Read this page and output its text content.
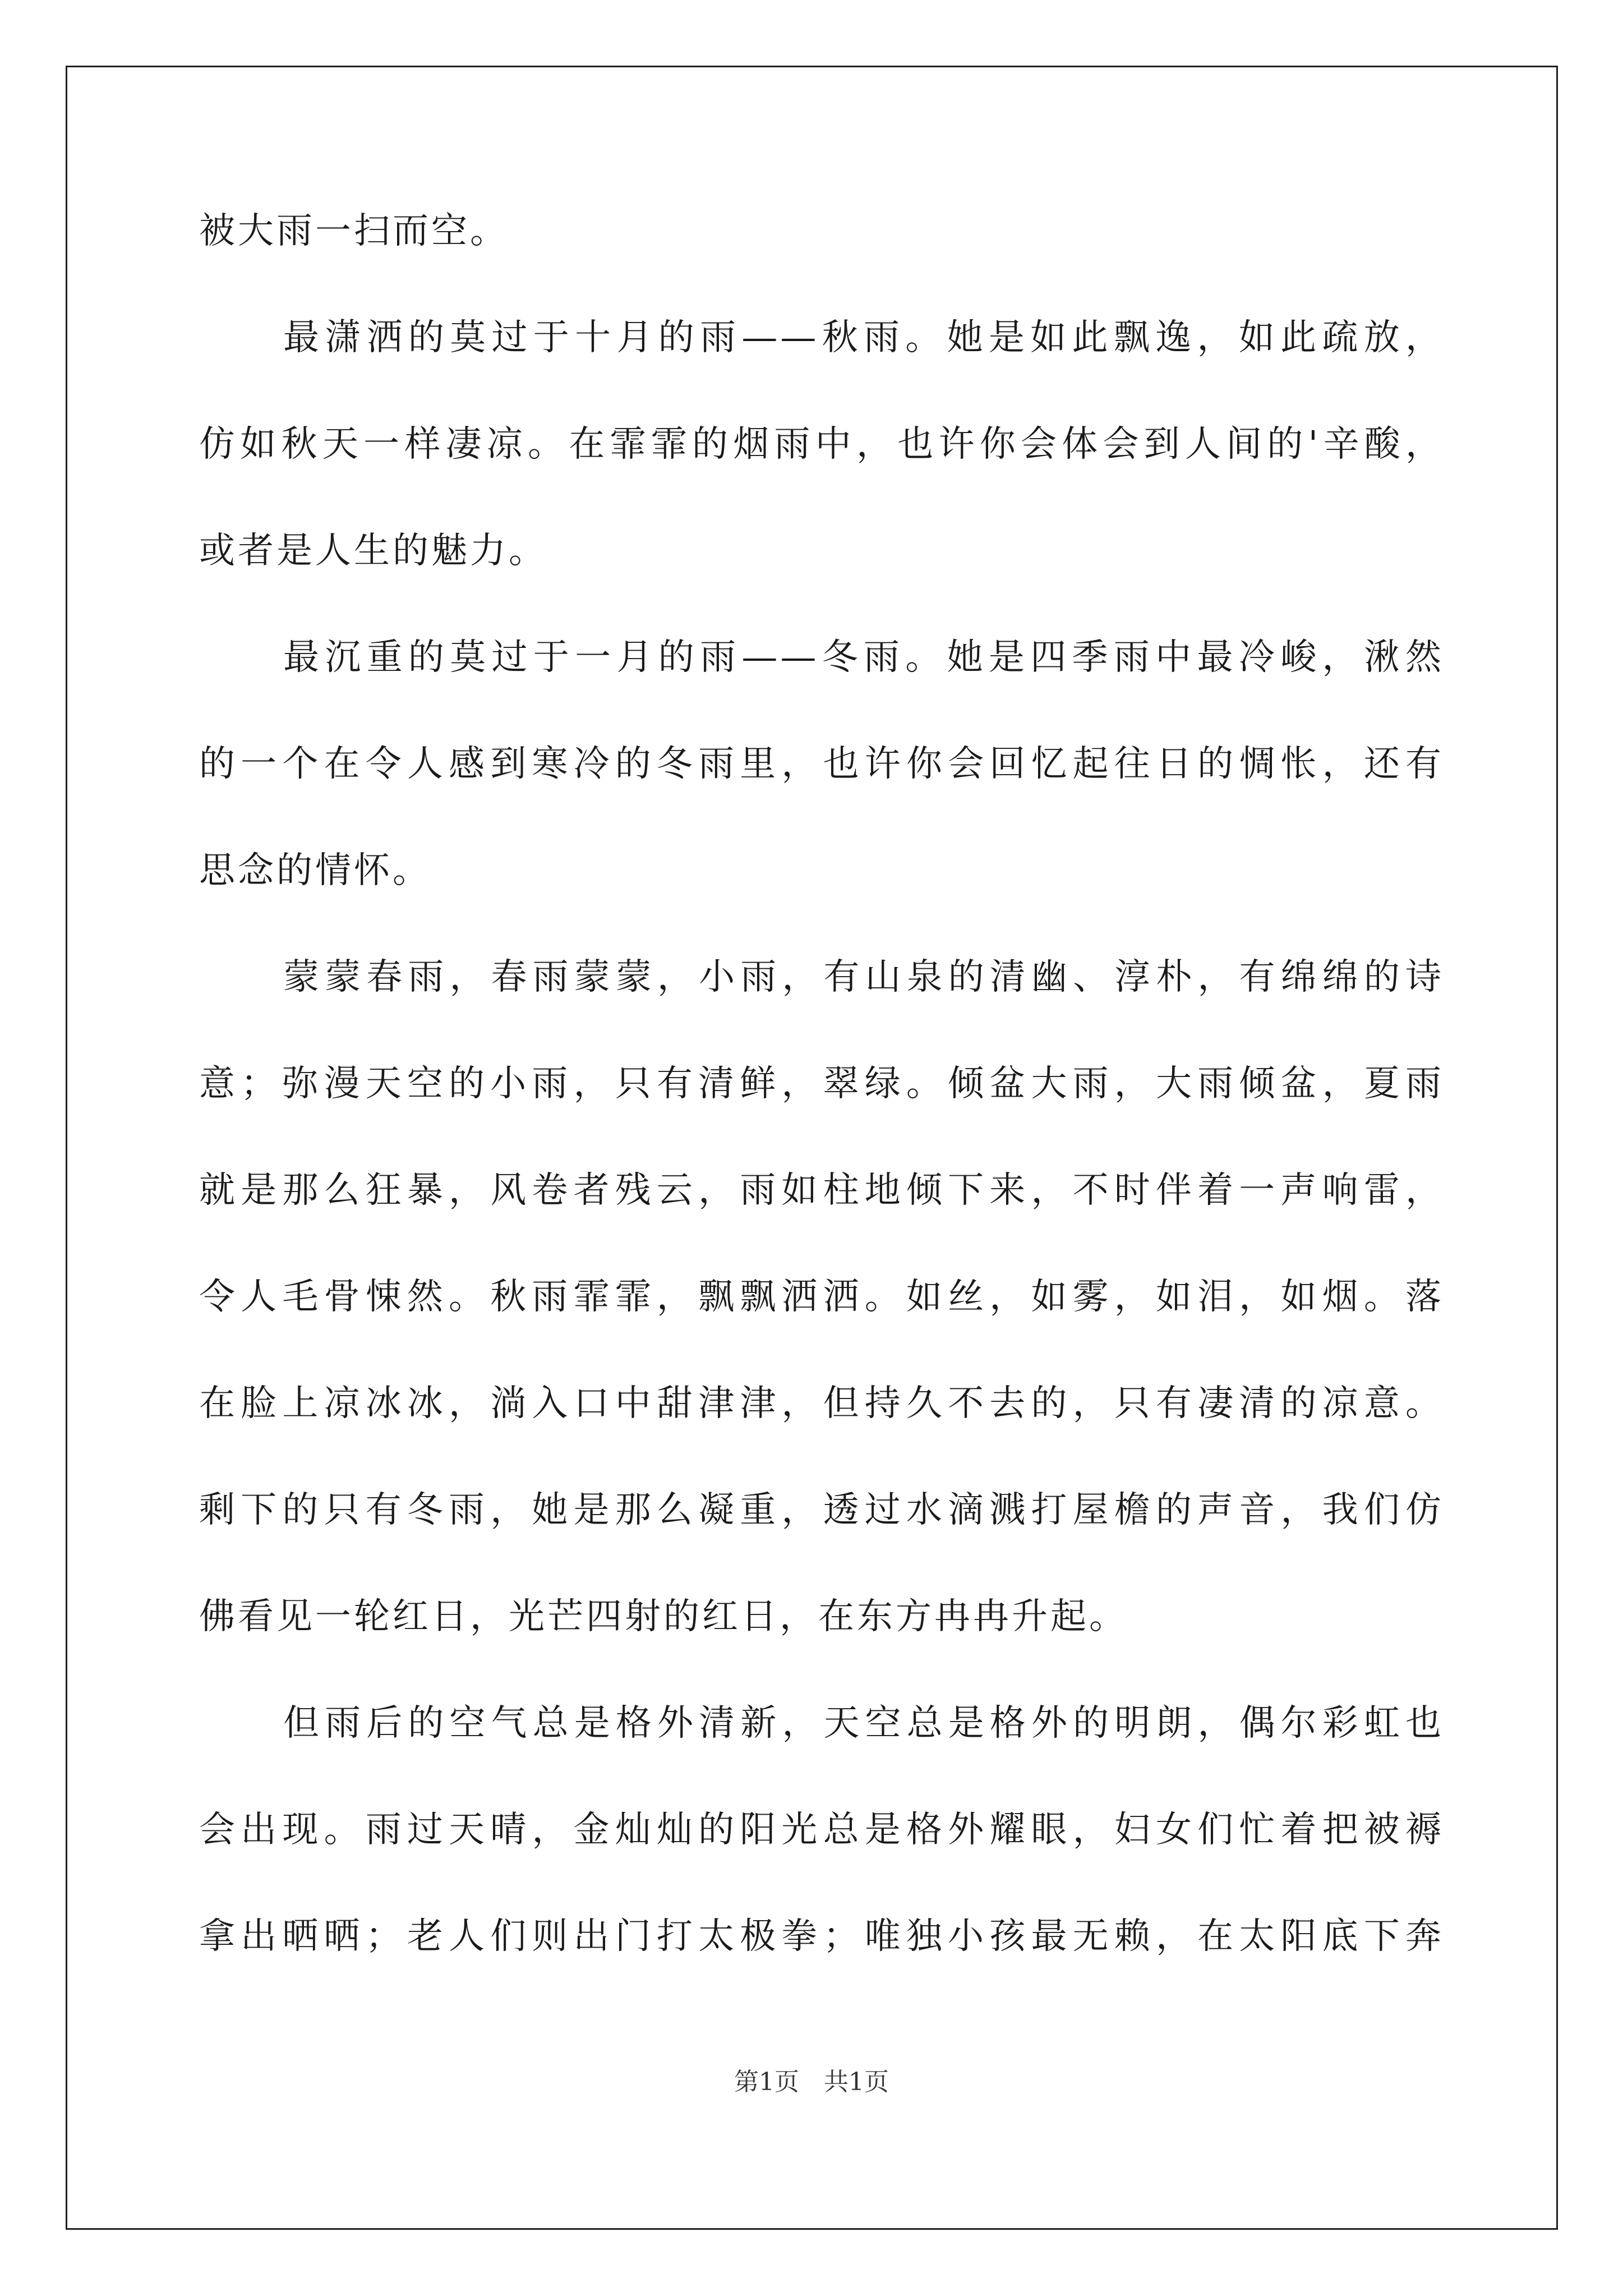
被大雨一扫而空。
最潇洒的莫过于十月的雨——秋雨。她是如此飘逸，如此疏放，
仿如秋天一样凄凉。在霏霏的烟雨中，也许你会体会到人间的'辛酸，
或者是人生的魅力。
最沉重的莫过于一月的雨——冬雨。她是四季雨中最冷峻，湫然
的一个在令人感到寒冷的冬雨里，也许你会回忆起往日的惆怅，还有
思念的情怀。
蒙蒙春雨，春雨蒙蒙，小雨，有山泉的清幽、淳朴，有绵绵的诗
意；弥漫天空的小雨，只有清鲜，翠绿。倾盆大雨，大雨倾盆，夏雨
就是那么狂暴，风卷者残云，雨如柱地倾下来，不时伴着一声响雷，
令人毛骨悚然。秋雨霏霏，飘飘洒洒。如丝，如雾，如泪，如烟。落
在脸上凉冰冰，淌入口中甜津津，但持久不去的，只有凄清的凉意。
剩下的只有冬雨，她是那么凝重，透过水滴溅打屋檐的声音，我们仿
佛看见一轮红日，光芒四射的红日，在东方冉冉升起。
但雨后的空气总是格外清新，天空总是格外的明朗，偶尔彩虹也
会出现。雨过天晴，金灿灿的阳光总是格外耀眼，妇女们忙着把被褥
拿出晒晒；老人们则出门打太极拳；唯独小孩最无赖，在太阳底下奔
第1页　共1页
